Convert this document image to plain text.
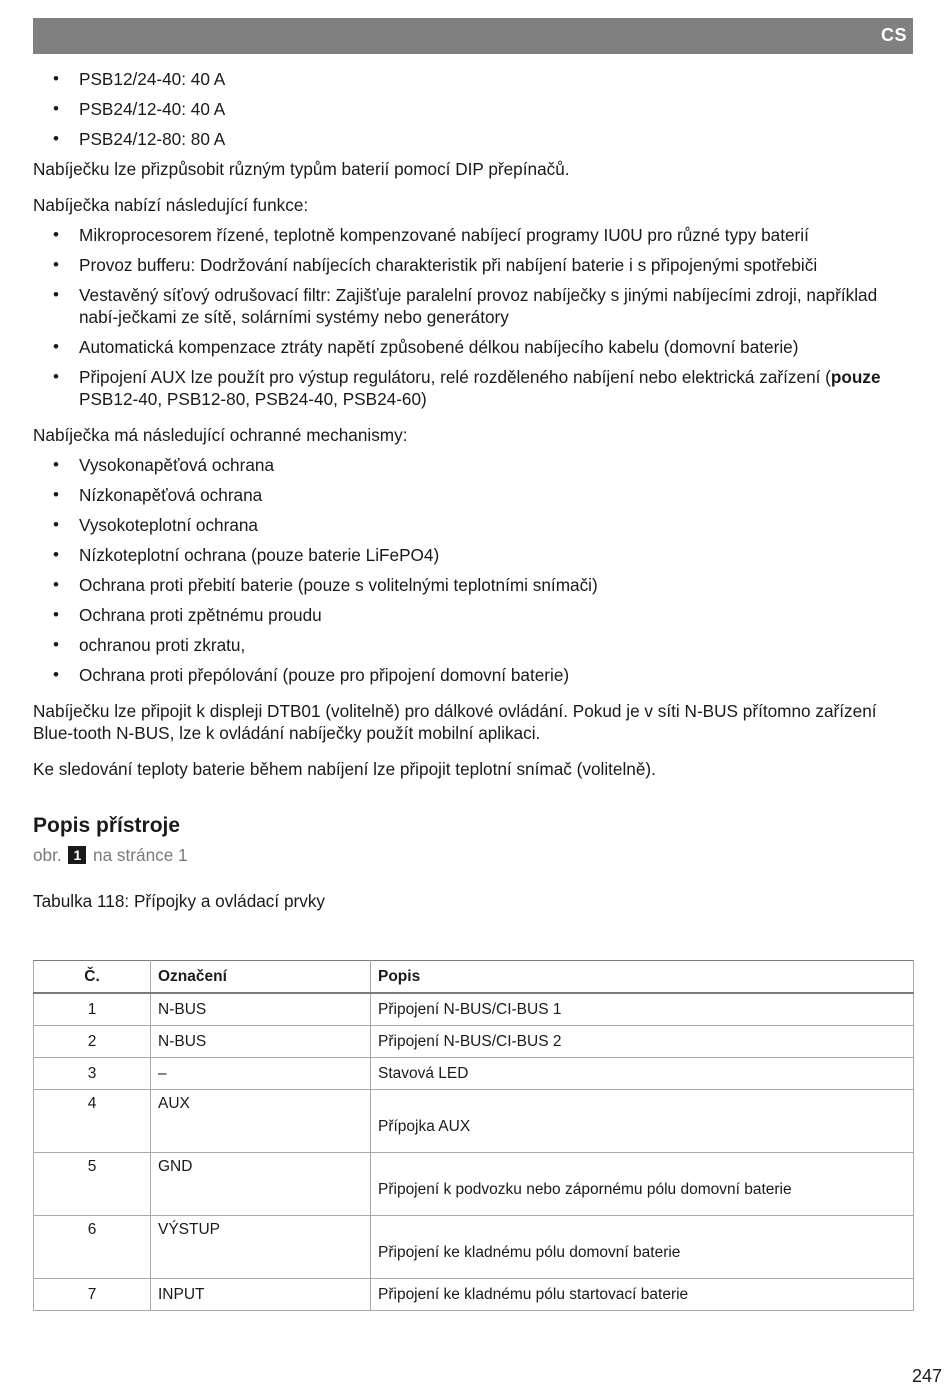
CS
• PSB12/24-40: 40 A
• PSB24/12-40: 40 A
• PSB24/12-80: 80 A

Nabíječku lze přizpůsobit různým typům baterií pomocí DIP přepínačů.

Nabíječka nabízí následující funkce:

• Mikroprocesorem řízené, teplotně kompenzované nabíjecí programy IU0U pro různé typy baterií
• Provoz bufferu: Dodržování nabíjecích charakteristik při nabíjení baterie i s připojenými spotřebiči
• Vestavěný síťový odrušovací filtr: Zajišťuje paralelní provoz nabíječky s jinými nabíjecími zdroji, například nabí-ječkami ze sítě, solárními systémy nebo generátory
• Automatická kompenzace ztráty napětí způsobené délkou nabíjecího kabelu (domovní baterie)
• Připojení AUX lze použít pro výstup regulátoru, relé rozděleného nabíjení nebo elektrická zařízení (pouze PSB12-40, PSB12-80, PSB24-40, PSB24-60)

Nabíječka má následující ochranné mechanismy:

• Vysokonapěťová ochrana
• Nízkonapěťová ochrana
• Vysokoteplotní ochrana
• Nízkoteplotní ochrana (pouze baterie LiFePO4)
• Ochrana proti přebití baterie (pouze s volitelnými teplotními snímači)
• Ochrana proti zpětnému proudu
• ochranou proti zkratu,
• Ochrana proti přepólování (pouze pro připojení domovní baterie)

Nabíječku lze připojit k displeji DTB01 (volitelně) pro dálkové ovládání. Pokud je v síti N-BUS přítomno zařízení Blue-tooth N-BUS, lze k ovládání nabíječky použít mobilní aplikaci.

Ke sledování teploty baterie během nabíjení lze připojit teplotní snímač (volitelně).

Popis přístroje

obr. 1 na stránce 1

Tabulka 118: Přípojky a ovládací prvky

Č.	Označení	Popis
1	N-BUS	Připojení N-BUS/CI-BUS 1
2	N-BUS	Připojení N-BUS/CI-BUS 2
3	–	Stavová LED
4	AUX	Přípojka AUX
5	GND	Připojení k podvozku nebo zápornému pólu domovní baterie
6	VÝSTUP	Připojení ke kladnému pólu domovní baterie
7	INPUT	Připojení ke kladnému pólu startovací baterie
247
